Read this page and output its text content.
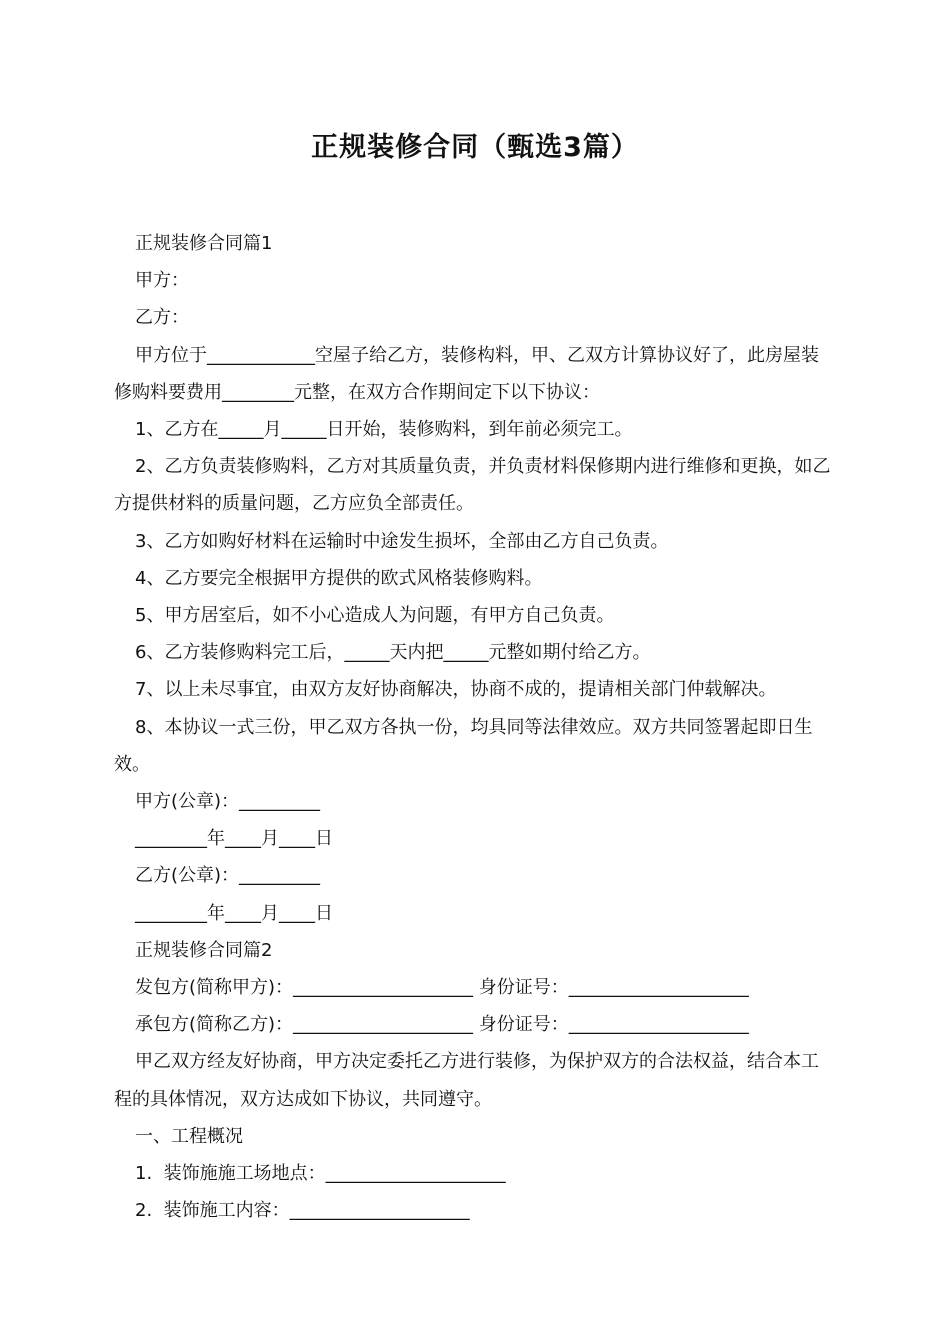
正规装修合同（甄选3篇）

正规装修合同篇1

甲方：

乙方：

甲方位于____________空屋子给乙方，装修构料，甲、乙双方计算协议好了，此房屋装修购料要费用________元整，在双方合作期间定下以下协议：

1、乙方在_____月_____日开始，装修购料，到年前必须完工。

2、乙方负责装修购料，乙方对其质量负责，并负责材料保修期内进行维修和更换，如乙方提供材料的质量问题，乙方应负全部责任。

3、乙方如购好材料在运输时中途发生损坏，全部由乙方自己负责。

4、乙方要完全根据甲方提供的欧式风格装修购料。

5、甲方居室后，如不小心造成人为问题，有甲方自己负责。

6、乙方装修购料完工后，_____天内把_____元整如期付给乙方。

7、以上未尽事宜，由双方友好协商解决，协商不成的，提请相关部门仲载解决。

8、本协议一式三份，甲乙双方各执一份，均具同等法律效应。双方共同签署起即日生效。

甲方(公章)：_________

________年____月____日

乙方(公章)：_________

________年____月____日

正规装修合同篇2

发包方(简称甲方)：____________________ 身份证号：____________________

承包方(简称乙方)：____________________ 身份证号：____________________

甲乙双方经友好协商，甲方决定委托乙方进行装修，为保护双方的合法权益，结合本工程的具体情况，双方达成如下协议，共同遵守。

一、工程概况

1.  装饰施施工场地点：____________________

2.  装饰施工内容：____________________
